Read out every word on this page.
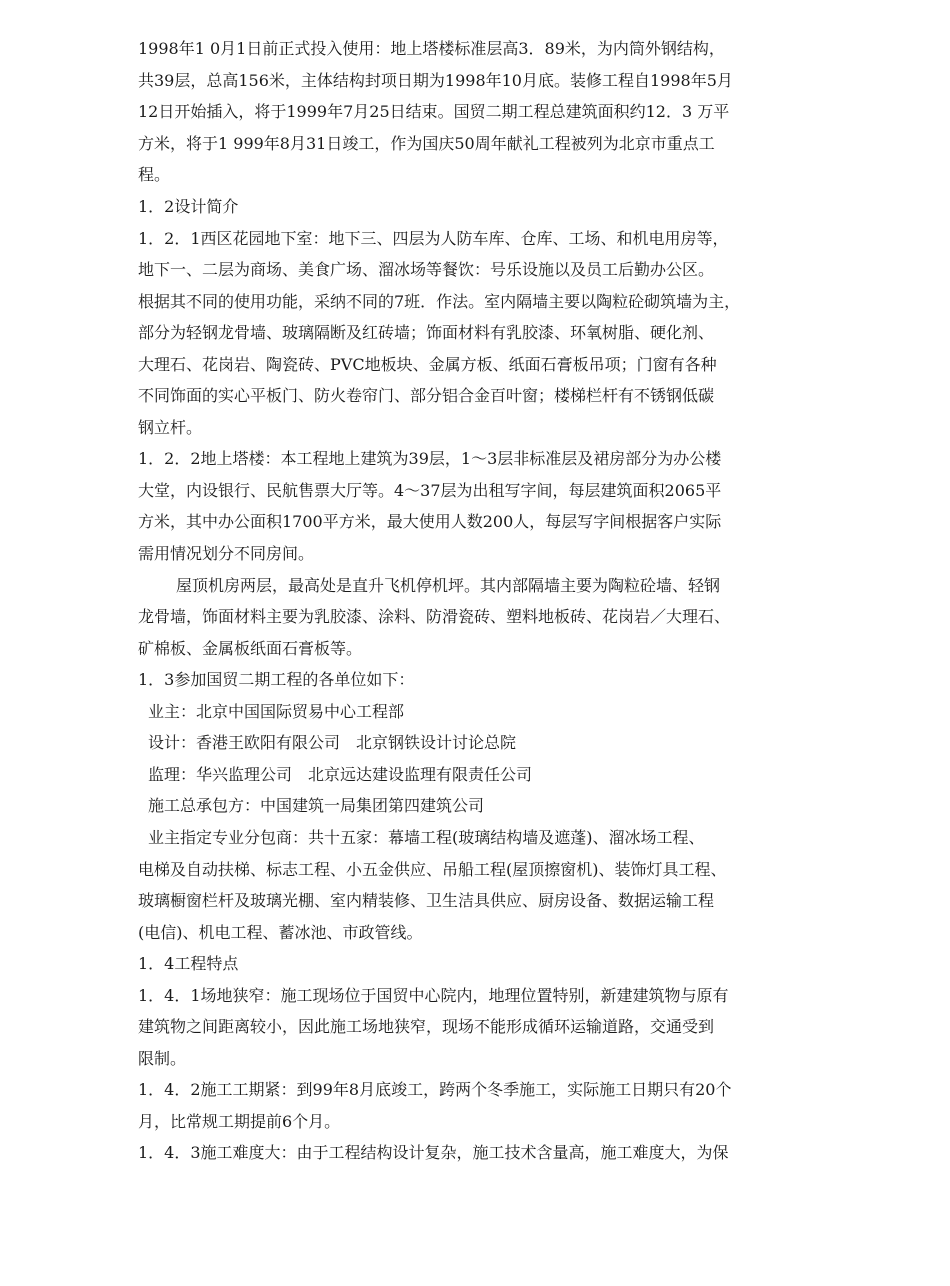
1998年1 0月1日前正式投入使用：地上塔楼标准层高3．89米，为内筒外钢结构，
共39层，总高156米，主体结构封项日期为1998年10月底。装修工程自1998年5月
12日开始插入，将于1999年7月25日结束。国贸二期工程总建筑面积约12．3 万平
方米，将于1 999年8月31日竣工，作为国庆50周年献礼工程被列为北京市重点工
程。
1．2设计简介
1．2．1西区花园地下室：地下三、四层为人防车库、仓库、工场、和机电用房等，
地下一、二层为商场、美食广场、溜冰场等餐饮：号乐设施以及员工后勤办公区。
根据其不同的使用功能，采纳不同的7班．作法。室内隔墙主要以陶粒砼砌筑墙为主，
部分为轻钢龙骨墙、玻璃隔断及红砖墙；饰面材料有乳胶漆、环氧树脂、硬化剂、
大理石、花岗岩、陶瓷砖、PVC地板块、金属方板、纸面石膏板吊项；门窗有各种
不同饰面的实心平板门、防火卷帘门、部分铝合金百叶窗；楼梯栏杆有不锈钢低碳
钢立杆。
1．2．2地上塔楼：本工程地上建筑为39层，1～3层非标准层及裙房部分为办公楼
大堂，内设银行、民航售票大厅等。4～37层为出租写字间，每层建筑面积2065平
方米，其中办公面积1700平方米，最大使用人数200人，每层写字间根据客户实际
需用情况划分不同房间。
屋顶机房两层，最高处是直升飞机停机坪。其内部隔墙主要为陶粒砼墙、轻钢
龙骨墙，饰面材料主要为乳胶漆、涂料、防滑瓷砖、塑料地板砖、花岗岩／大理石、
矿棉板、金属板纸面石膏板等。
1．3参加国贸二期工程的各单位如下：
业主：北京中国国际贸易中心工程部
设计：香港王欧阳有限公司　北京钢铁设计讨论总院
监理：华兴监理公司　北京远达建设监理有限责任公司
施工总承包方：中国建筑一局集团第四建筑公司
业主指定专业分包商：共十五家：幕墙工程(玻璃结构墙及遮蓬)、溜冰场工程、
电梯及自动扶梯、标志工程、小五金供应、吊船工程(屋顶擦窗机)、装饰灯具工程、
玻璃橱窗栏杆及玻璃光棚、室内精装修、卫生洁具供应、厨房设备、数据运输工程
(电信)、机电工程、蓄冰池、市政管线。
1．4工程特点
1．4．1场地狭窄：施工现场位于国贸中心院内，地理位置特别，新建建筑物与原有
建筑物之间距离较小，因此施工场地狭窄，现场不能形成循环运输道路，交通受到
限制。
1．4．2施工工期紧：到99年8月底竣工，跨两个冬季施工，实际施工日期只有20个
月，比常规工期提前6个月。
1．4．3施工难度大：由于工程结构设计复杂，施工技术含量高，施工难度大，为保
